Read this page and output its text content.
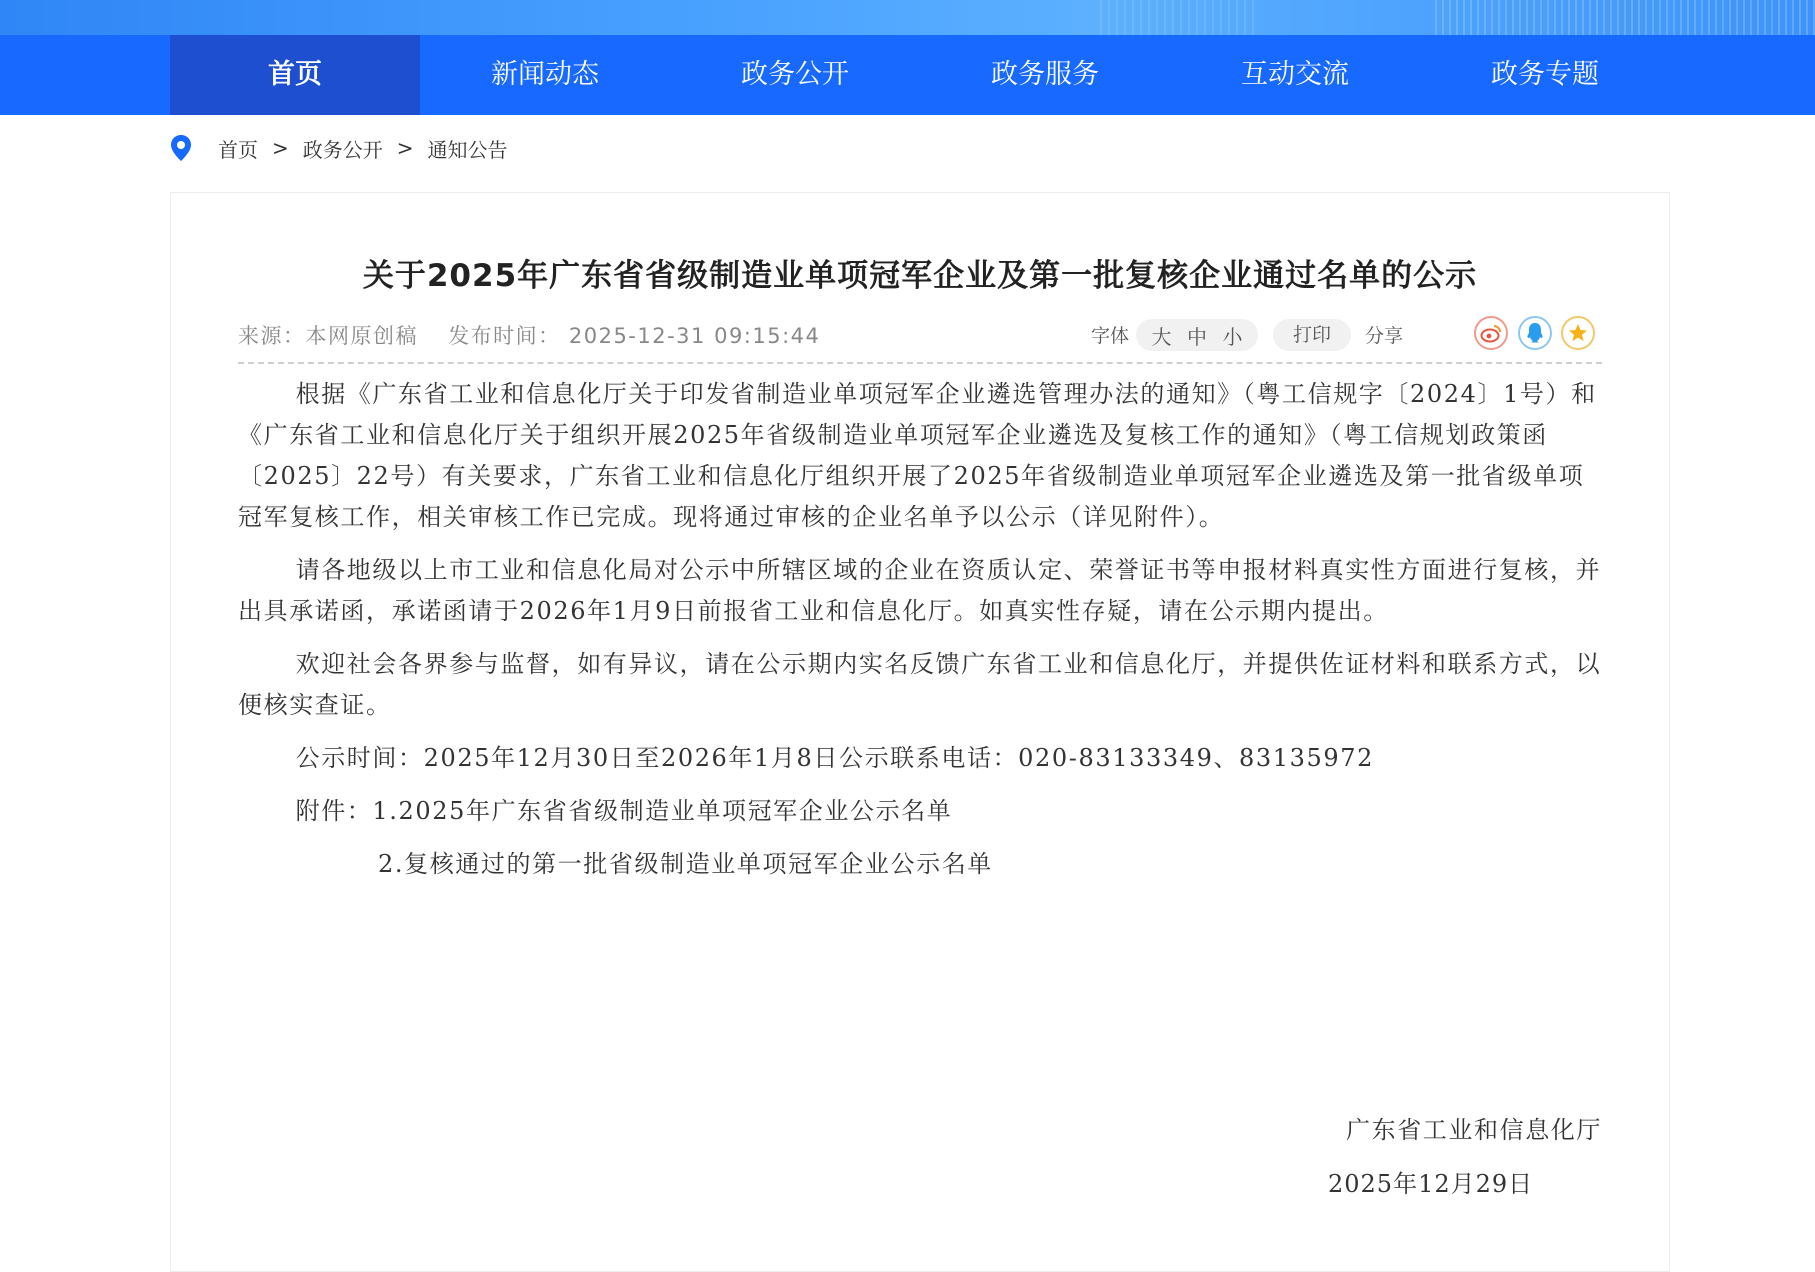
首页	新闻动态	政务公开	政务服务	互动交流	政务专题
首页 > 政务公开 > 通知公告
关于2025年广东省省级制造业单项冠军企业及第一批复核企业通过名单的公示
来源：本网原创稿 发布时间： 2025-12-31 09:15:44	字体 大 中 小	打印	分享

根据《广东省工业和信息化厅关于印发省制造业单项冠军企业遴选管理办法的通知》（粤工信规字〔2024〕1号）和《广东省工业和信息化厅关于组织开展2025年省级制造业单项冠军企业遴选及复核工作的通知》（粤工信规划政策函〔2025〕22号）有关要求，广东省工业和信息化厅组织开展了2025年省级制造业单项冠军企业遴选及第一批省级单项冠军复核工作，相关审核工作已完成。现将通过审核的企业名单予以公示（详见附件）。

请各地级以上市工业和信息化局对公示中所辖区域的企业在资质认定、荣誉证书等申报材料真实性方面进行复核，并出具承诺函，承诺函请于2026年1月9日前报省工业和信息化厅。如真实性存疑，请在公示期内提出。

欢迎社会各界参与监督，如有异议，请在公示期内实名反馈广东省工业和信息化厅，并提供佐证材料和联系方式，以便核实查证。

公示时间：2025年12月30日至2026年1月8日公示联系电话：020-83133349、83135972

附件：1.2025年广东省省级制造业单项冠军企业公示名单

2.复核通过的第一批省级制造业单项冠军企业公示名单

广东省工业和信息化厅
2025年12月29日
